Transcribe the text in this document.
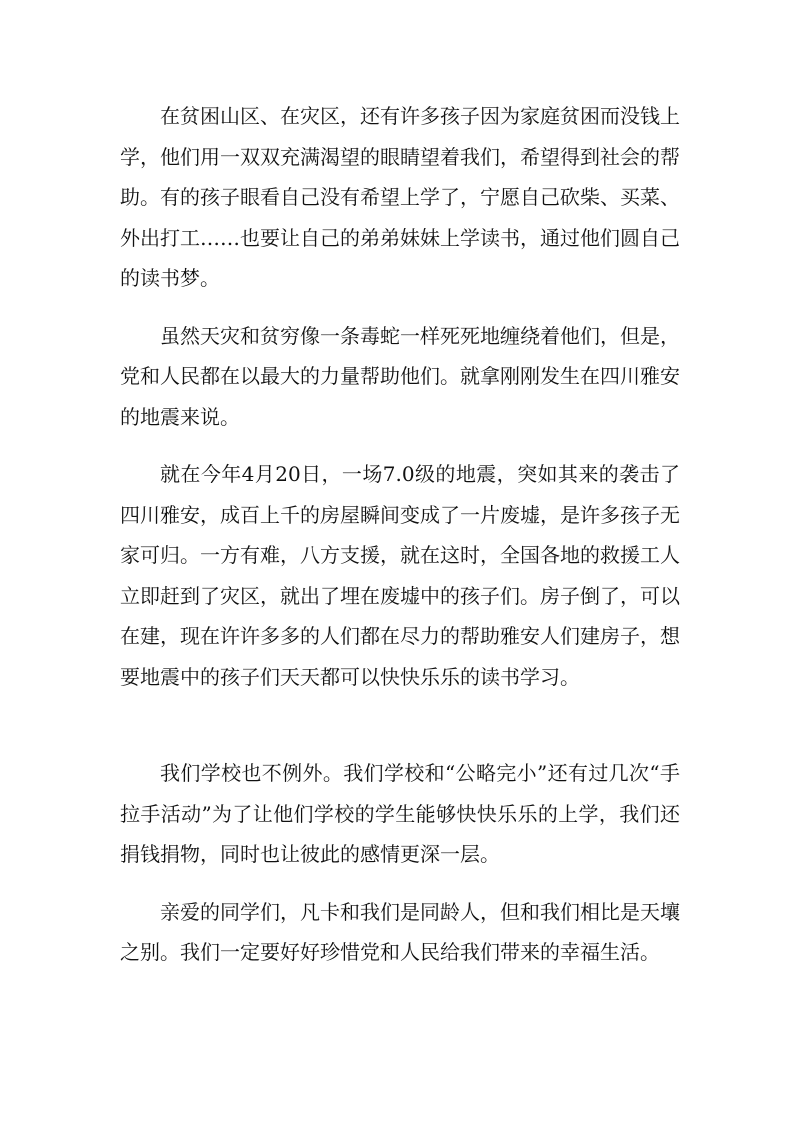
在贫困山区、在灾区，还有许多孩子因为家庭贫困而没钱上学，他们用一双双充满渴望的眼睛望着我们，希望得到社会的帮助。有的孩子眼看自己没有希望上学了，宁愿自己砍柴、买菜、外出打工……也要让自己的弟弟妹妹上学读书，通过他们圆自己的读书梦。

虽然天灾和贫穷像一条毒蛇一样死死地缠绕着他们，但是，党和人民都在以最大的力量帮助他们。就拿刚刚发生在四川雅安的地震来说。

就在今年4月20日，一场7.0级的地震，突如其来的袭击了四川雅安，成百上千的房屋瞬间变成了一片废墟，是许多孩子无家可归。一方有难，八方支援，就在这时，全国各地的救援工人立即赶到了灾区，就出了埋在废墟中的孩子们。房子倒了，可以在建，现在许许多多的人们都在尽力的帮助雅安人们建房子，想要地震中的孩子们天天都可以快快乐乐的读书学习。

我们学校也不例外。我们学校和“公略完小”还有过几次“手拉手活动”为了让他们学校的学生能够快快乐乐的上学，我们还捐钱捐物，同时也让彼此的感情更深一层。

亲爱的同学们，凡卡和我们是同龄人，但和我们相比是天壤之别。我们一定要好好珍惜党和人民给我们带来的幸福生活。
